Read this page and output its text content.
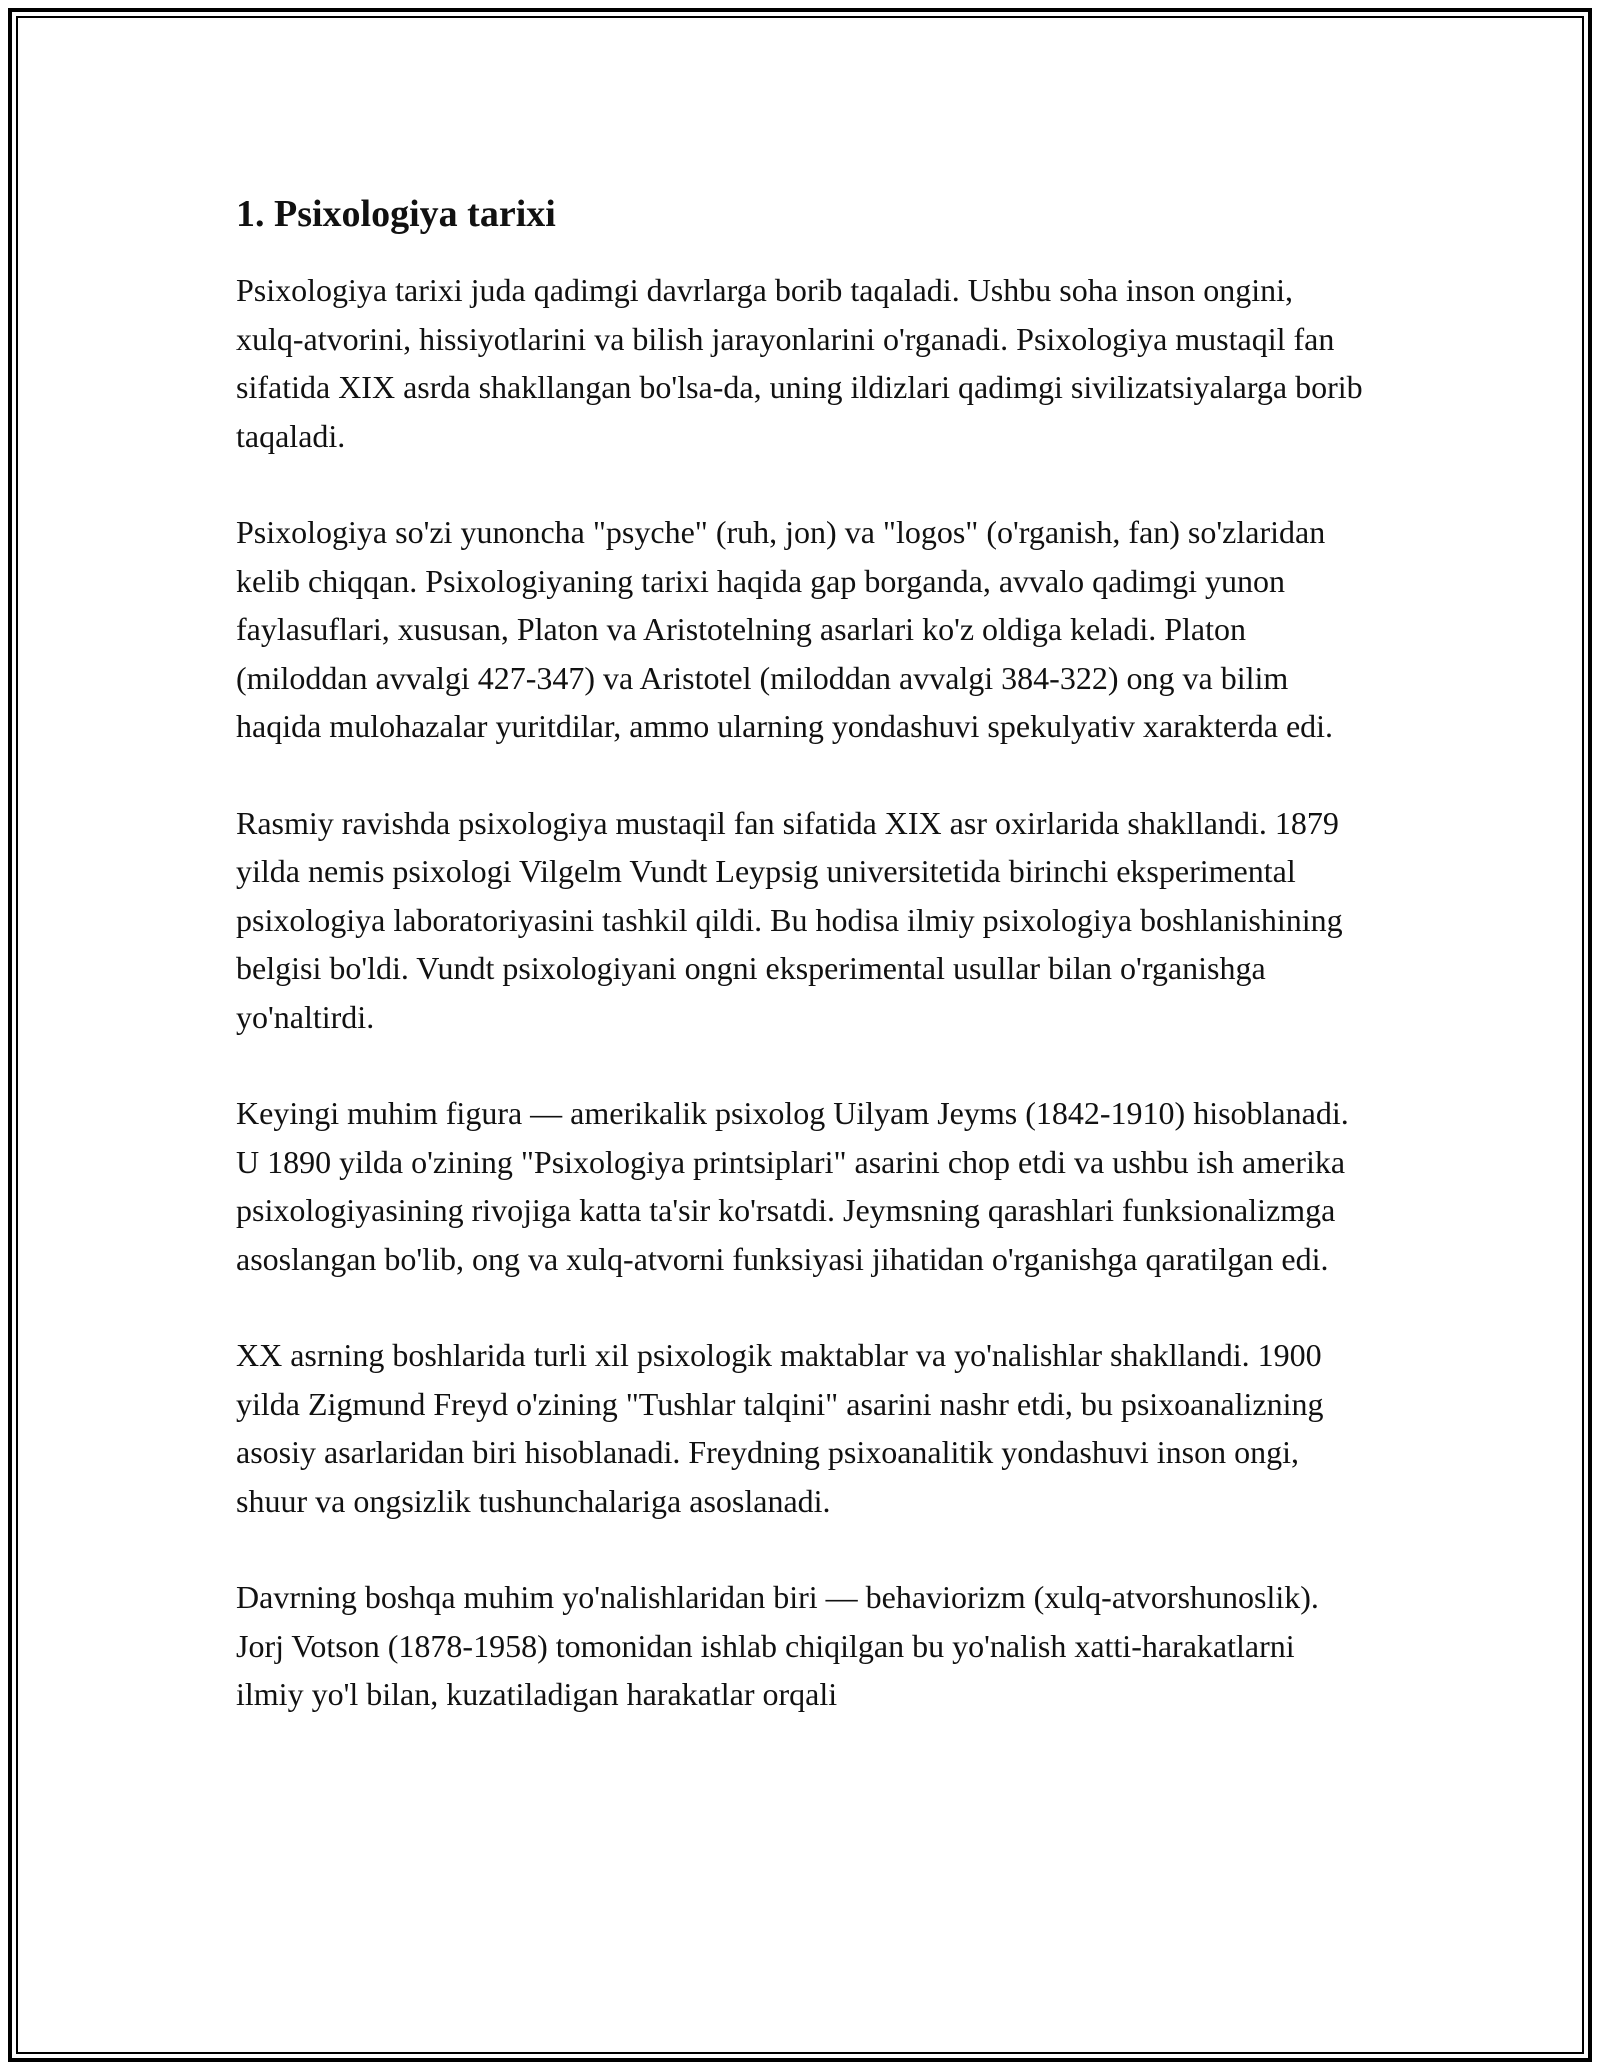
1. Psixologiya tarixi

Psixologiya tarixi juda qadimgi davrlarga borib taqaladi. Ushbu soha inson ongini, xulq-atvorini, hissiyotlarini va bilish jarayonlarini o'rganadi. Psixologiya mustaqil fan sifatida XIX asrda shakllangan bo'lsa-da, uning ildizlari qadimgi sivilizatsiyalarga borib taqaladi.

Psixologiya so'zi yunoncha "psyche" (ruh, jon) va "logos" (o'rganish, fan) so'zlaridan kelib chiqqan. Psixologiyaning tarixi haqida gap borganda, avvalo qadimgi yunon faylasuflari, xususan, Platon va Aristotelning asarlari ko'z oldiga keladi. Platon (miloddan avvalgi 427-347) va Aristotel (miloddan avvalgi 384-322) ong va bilim haqida mulohazalar yuritdilar, ammo ularning yondashuvi spekulyativ xarakterda edi.

Rasmiy ravishda psixologiya mustaqil fan sifatida XIX asr oxirlarida shakllandi. 1879 yilda nemis psixologi Vilgelm Vundt Leypsig universitetida birinchi eksperimental psixologiya laboratoriyasini tashkil qildi. Bu hodisa ilmiy psixologiya boshlanishining belgisi bo'ldi. Vundt psixologiyani ongni eksperimental usullar bilan o'rganishga yo'naltirdi.

Keyingi muhim figura — amerikalik psixolog Uilyam Jeyms (1842-1910) hisoblanadi. U 1890 yilda o'zining "Psixologiya printsiplari" asarini chop etdi va ushbu ish amerika psixologiyasining rivojiga katta ta'sir ko'rsatdi. Jeymsning qarashlari funksionalizmga asoslangan bo'lib, ong va xulq-atvorni funksiyasi jihatidan o'rganishga qaratilgan edi.

XX asrning boshlarida turli xil psixologik maktablar va yo'nalishlar shakllandi. 1900 yilda Zigmund Freyd o'zining "Tushlar talqini" asarini nashr etdi, bu psixoanalizning asosiy asarlaridan biri hisoblanadi. Freydning psixoanalitik yondashuvi inson ongi, shuur va ongsizlik tushunchalariga asoslanadi.

Davrning boshqa muhim yo'nalishlaridan biri — behaviorizm (xulq-atvorshunoslik). Jorj Votson (1878-1958) tomonidan ishlab chiqilgan bu yo'nalish xatti-harakatlarni ilmiy yo'l bilan, kuzatiladigan harakatlar orqali
